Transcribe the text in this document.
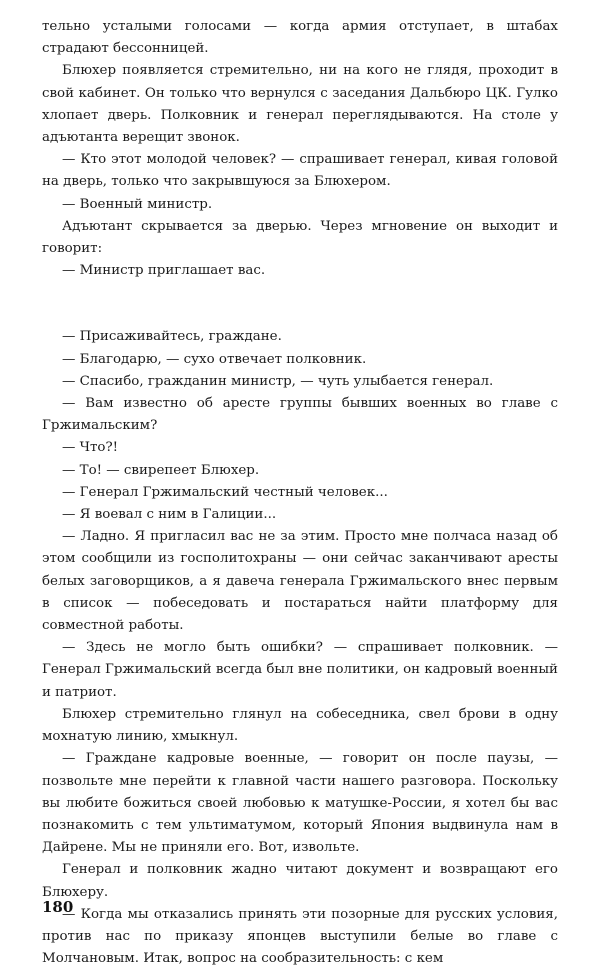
тельно усталыми голосами — когда армия отступает, в штабах страдают бессонницей.

Блюхер появляется стремительно, ни на кого не глядя, проходит в свой кабинет. Он только что вернулся с заседания Дальбюро ЦК. Гулко хлопает дверь. Полковник и генерал переглядываются. На столе у адъютанта верещит звонок.

— Кто этот молодой человек? — спрашивает генерал, кивая головой на дверь, только что закрывшуюся за Блюхером.

— Военный министр.

Адъютант скрывается за дверью. Через мгновение он выходит и говорит:

— Министр приглашает вас.

— Присаживайтесь, граждане.

— Благодарю, — сухо отвечает полковник.

— Спасибо, гражданин министр, — чуть улыбается генерал.

— Вам известно об аресте группы бывших военных во главе с Гржимальским?

— Что?!

— То! — свирепеет Блюхер.

— Генерал Гржимальский честный человек...

— Я воевал с ним в Галиции...

— Ладно. Я пригласил вас не за этим. Просто мне полчаса назад об этом сообщили из госполитохраны — они сейчас заканчивают аресты белых заговорщиков, а я давеча генерала Гржимальского внес первым в список — побеседовать и постараться найти платформу для совместной работы.

— Здесь не могло быть ошибки? — спрашивает полковник. — Генерал Гржимальский всегда был вне политики, он кадровый военный и патриот.

Блюхер стремительно глянул на собеседника, свел брови в одну мохнатую линию, хмыкнул.

— Граждане кадровые военные, — говорит он после паузы, — позвольте мне перейти к главной части нашего разговора. Поскольку вы любите божиться своей любовью к матушке-России, я хотел бы вас познакомить с тем ультиматумом, который Япония выдвинула нам в Дайрене. Мы не приняли его. Вот, извольте.

Генерал и полковник жадно читают документ и возвращают его Блюхеру.

— Когда мы отказались принять эти позорные для русских условия, против нас по приказу японцев выступили белые во главе с Молчановым. Итак, вопрос на сообразительность: с кем

180
